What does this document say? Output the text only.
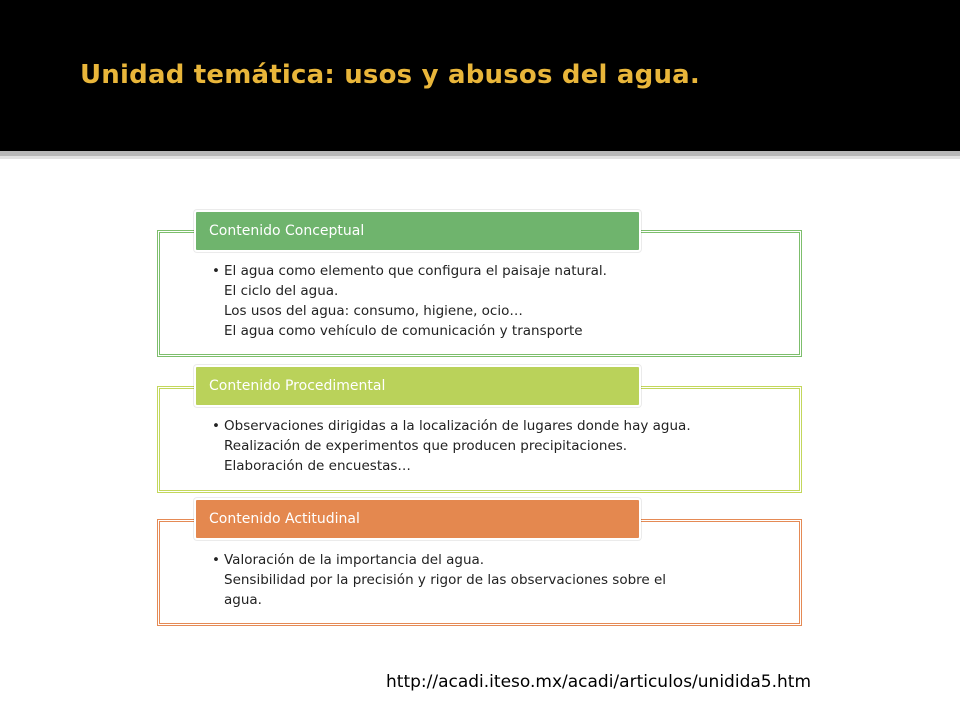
Unidad temática: usos y abusos del agua.
Contenido Conceptual
• El agua como elemento que configura el paisaje natural.
El ciclo del agua.
Los usos del agua: consumo, higiene, ocio…
El agua como vehículo de comunicación y transporte
Contenido Procedimental
• Observaciones dirigidas a la localización de lugares donde hay agua.
Realización de experimentos que producen precipitaciones.
Elaboración de encuestas…
Contenido Actitudinal
• Valoración de la importancia del agua.
Sensibilidad por la precisión y rigor de las observaciones sobre el
agua.
http://acadi.iteso.mx/acadi/articulos/unidida5.htm
